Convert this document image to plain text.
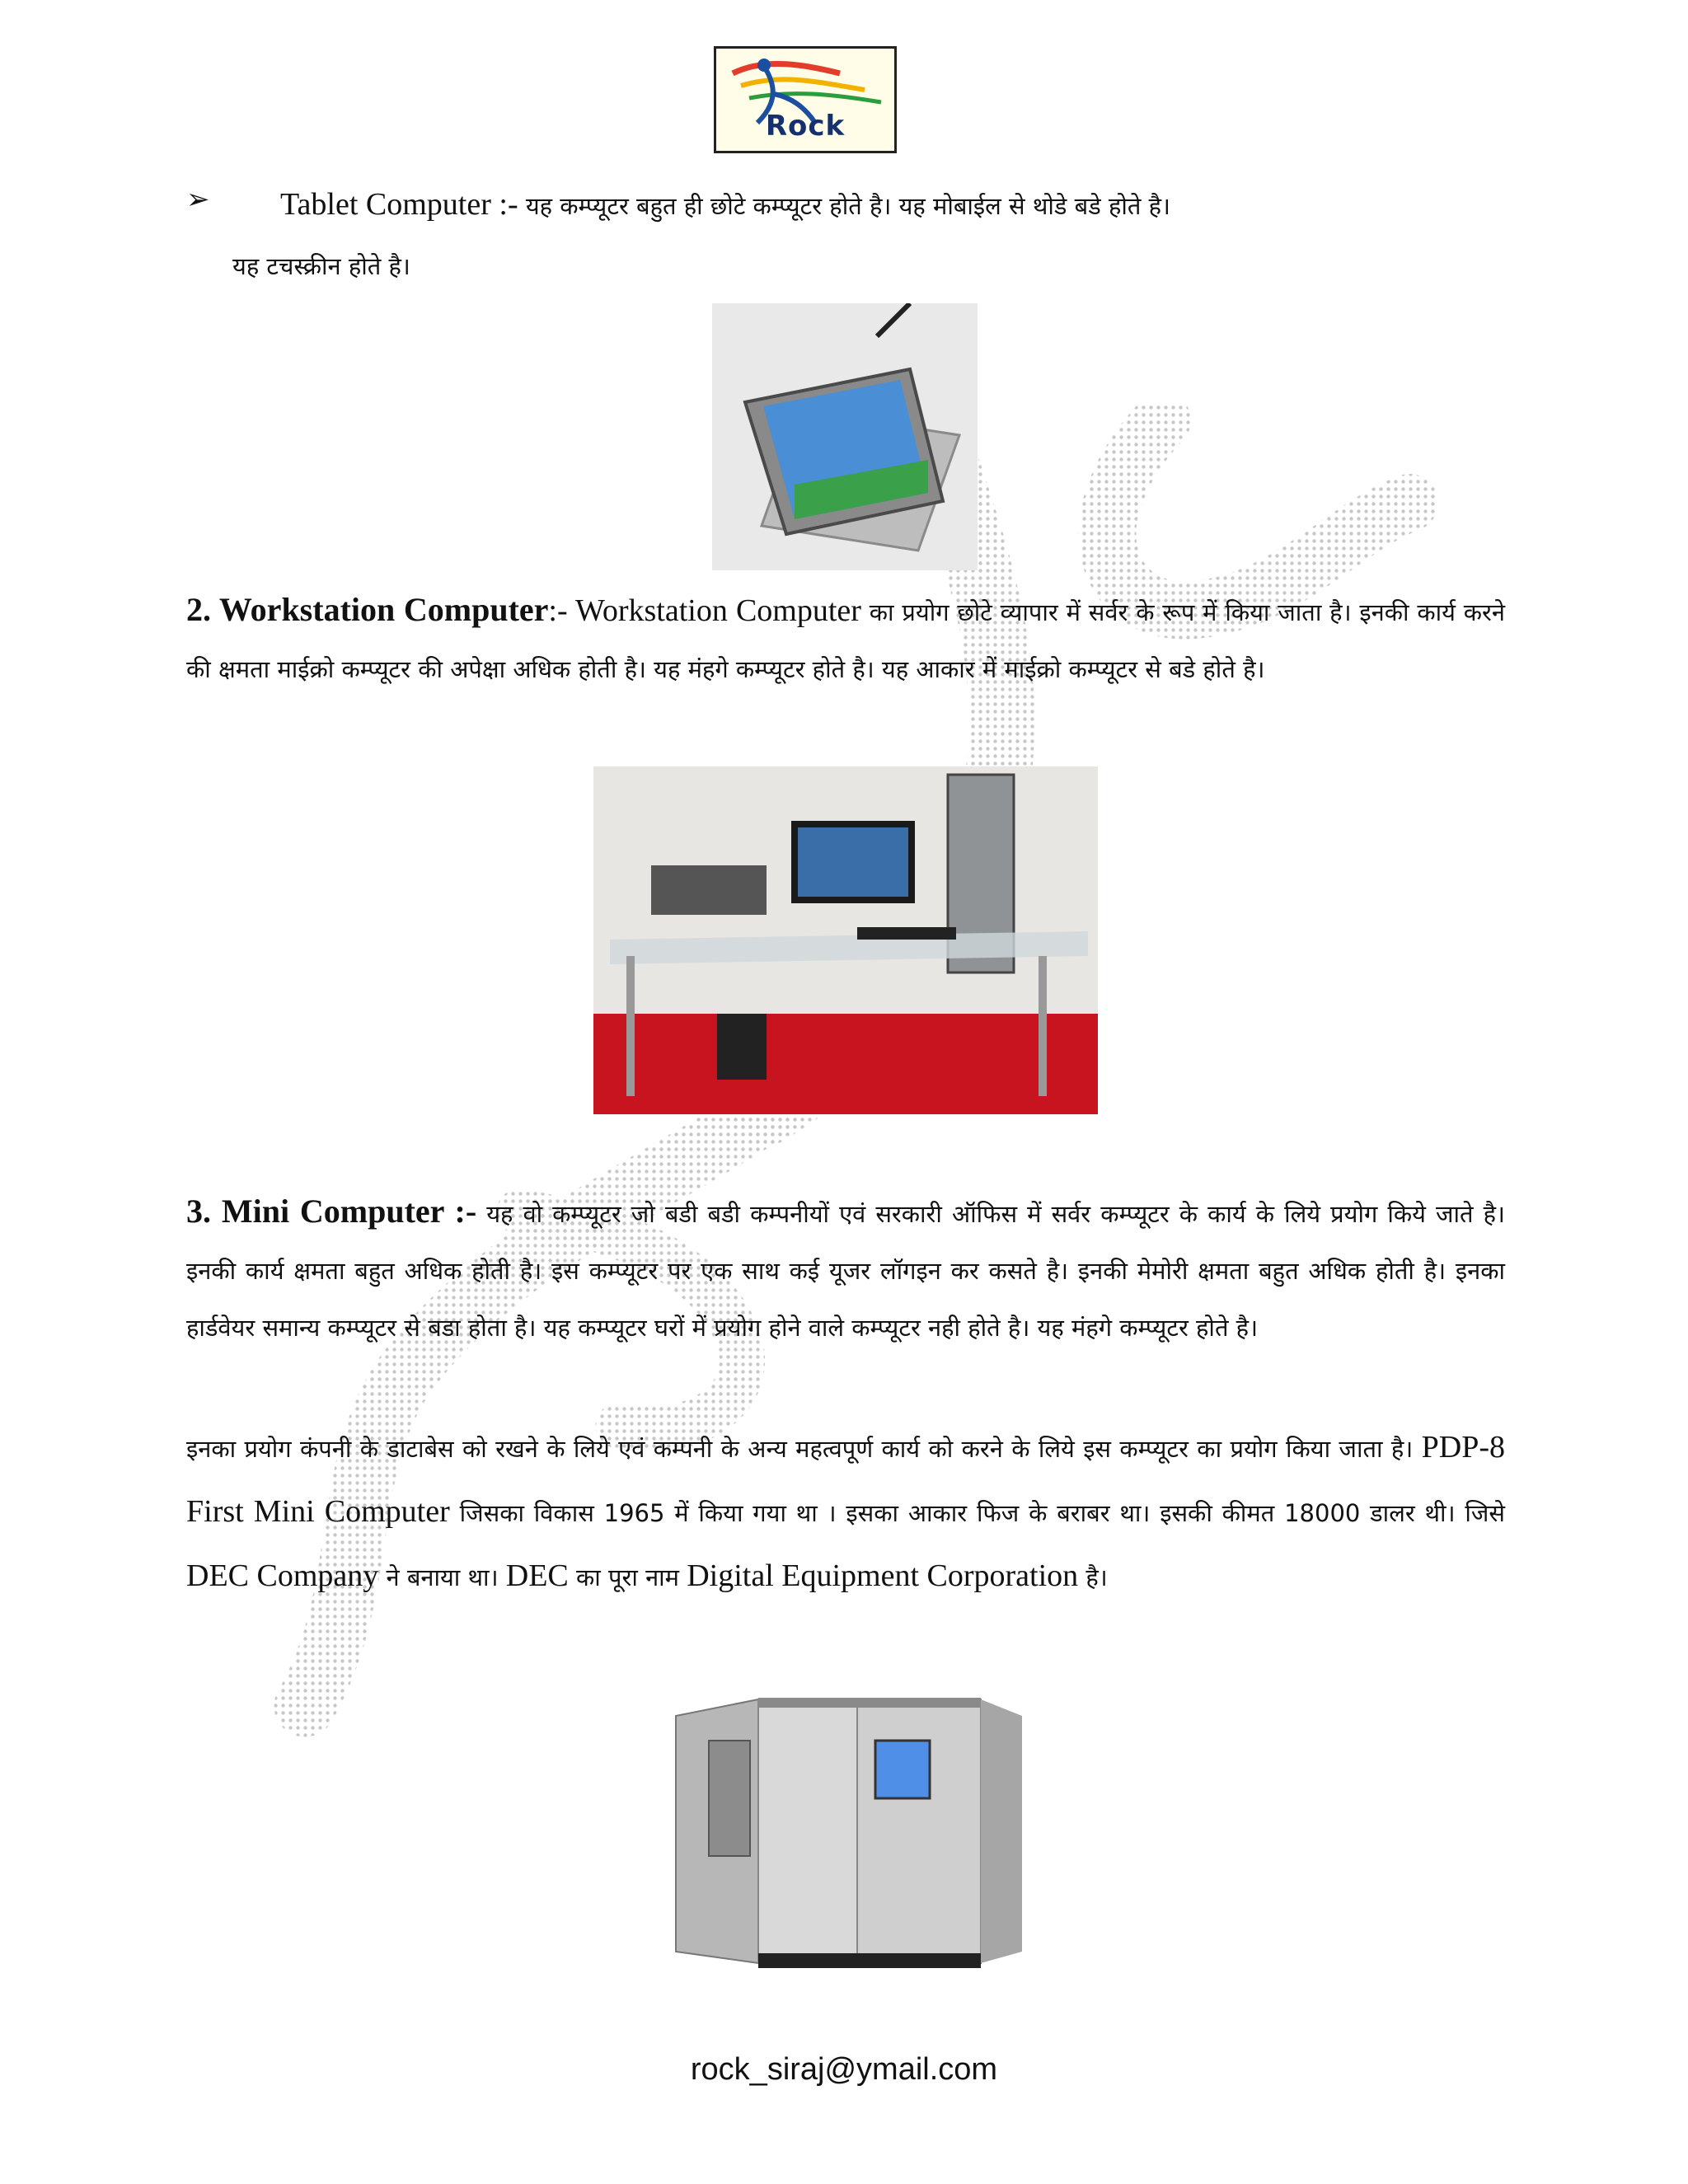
Rock
➢ Tablet Computer :- यह कम्प्यूटर बहुत ही छोटे कम्प्यूटर होते है। यह मोबाईल से थोडे बडे होते है।
यह टचस्क्रीन होते है।
2. Workstation Computer:- Workstation Computer का प्रयोग छोटे व्यापार में सर्वर के रूप में किया जाता है। इनकी कार्य करने की क्षमता माईक्रो कम्प्यूटर की अपेक्षा अधिक होती है। यह मंहगे कम्प्यूटर होते है। यह आकार में माईक्रो कम्प्यूटर से बडे होते है।
3. Mini Computer :- यह वो कम्प्यूटर जो बडी बडी कम्पनीयों एवं सरकारी ऑफिस में सर्वर कम्प्यूटर के कार्य के लिये प्रयोग किये जाते है। इनकी कार्य क्षमता बहुत अधिक होती है। इस कम्प्यूटर पर एक साथ कई यूजर लॉगइन कर कसते है। इनकी मेमोरी क्षमता बहुत अधिक होती है। इनका हार्डवेयर समान्य कम्प्यूटर से बडा होता है। यह कम्प्यूटर घरों में प्रयोग होने वाले कम्प्यूटर नही होते है। यह मंहगे कम्प्यूटर होते है।
इनका प्रयोग कंपनी के डाटाबेस को रखने के लिये एवं कम्पनी के अन्य महत्वपूर्ण कार्य को करने के लिये इस कम्प्यूटर का प्रयोग किया जाता है। PDP-8 First Mini Computer जिसका विकास 1965 में किया गया था । इसका आकार फिज के बराबर था। इसकी कीमत 18000 डालर थी। जिसे DEC Company ने बनाया था। DEC का पूरा नाम Digital Equipment Corporation है।
rock_siraj@ymail.com
